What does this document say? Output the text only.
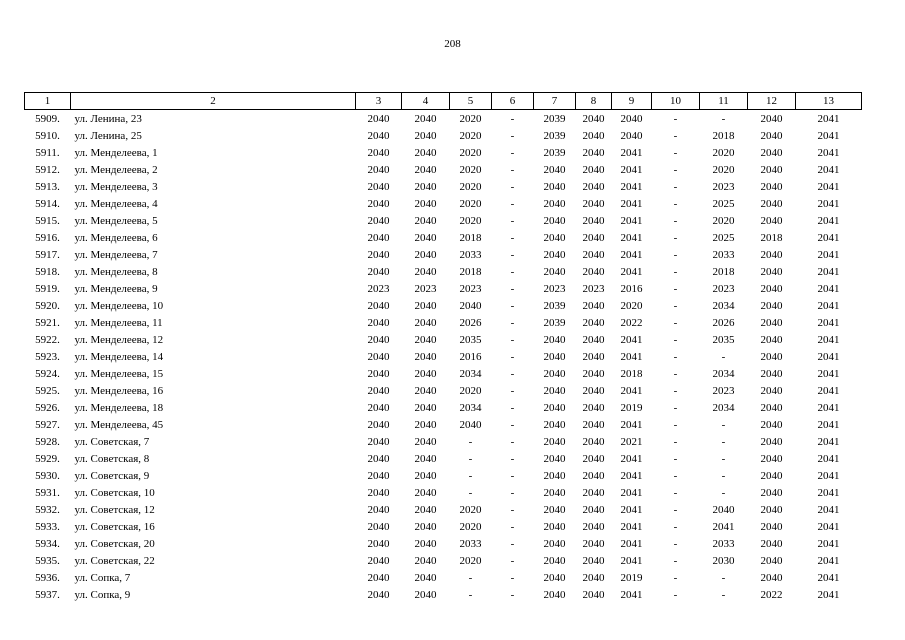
208
1	2	3	4	5	6	7	8	9	10	11	12	13
5909.	ул. Ленина, 23	2040	2040	2020	-	2039	2040	2040	-	-	2040	2041
5910.	ул. Ленина, 25	2040	2040	2020	-	2039	2040	2040	-	2018	2040	2041
5911.	ул. Менделеева, 1	2040	2040	2020	-	2039	2040	2041	-	2020	2040	2041
5912.	ул. Менделеева, 2	2040	2040	2020	-	2040	2040	2041	-	2020	2040	2041
5913.	ул. Менделеева, 3	2040	2040	2020	-	2040	2040	2041	-	2023	2040	2041
5914.	ул. Менделеева, 4	2040	2040	2020	-	2040	2040	2041	-	2025	2040	2041
5915.	ул. Менделеева, 5	2040	2040	2020	-	2040	2040	2041	-	2020	2040	2041
5916.	ул. Менделеева, 6	2040	2040	2018	-	2040	2040	2041	-	2025	2018	2041
5917.	ул. Менделеева, 7	2040	2040	2033	-	2040	2040	2041	-	2033	2040	2041
5918.	ул. Менделеева, 8	2040	2040	2018	-	2040	2040	2041	-	2018	2040	2041
5919.	ул. Менделеева, 9	2023	2023	2023	-	2023	2023	2016	-	2023	2040	2041
5920.	ул. Менделеева, 10	2040	2040	2040	-	2039	2040	2020	-	2034	2040	2041
5921.	ул. Менделеева, 11	2040	2040	2026	-	2039	2040	2022	-	2026	2040	2041
5922.	ул. Менделеева, 12	2040	2040	2035	-	2040	2040	2041	-	2035	2040	2041
5923.	ул. Менделеева, 14	2040	2040	2016	-	2040	2040	2041	-	-	2040	2041
5924.	ул. Менделеева, 15	2040	2040	2034	-	2040	2040	2018	-	2034	2040	2041
5925.	ул. Менделеева, 16	2040	2040	2020	-	2040	2040	2041	-	2023	2040	2041
5926.	ул. Менделеева, 18	2040	2040	2034	-	2040	2040	2019	-	2034	2040	2041
5927.	ул. Менделеева, 45	2040	2040	2040	-	2040	2040	2041	-	-	2040	2041
5928.	ул. Советская, 7	2040	2040	-	-	2040	2040	2021	-	-	2040	2041
5929.	ул. Советская, 8	2040	2040	-	-	2040	2040	2041	-	-	2040	2041
5930.	ул. Советская, 9	2040	2040	-	-	2040	2040	2041	-	-	2040	2041
5931.	ул. Советская, 10	2040	2040	-	-	2040	2040	2041	-	-	2040	2041
5932.	ул. Советская, 12	2040	2040	2020	-	2040	2040	2041	-	2040	2040	2041
5933.	ул. Советская, 16	2040	2040	2020	-	2040	2040	2041	-	2041	2040	2041
5934.	ул. Советская, 20	2040	2040	2033	-	2040	2040	2041	-	2033	2040	2041
5935.	ул. Советская, 22	2040	2040	2020	-	2040	2040	2041	-	2030	2040	2041
5936.	ул. Сопка, 7	2040	2040	-	-	2040	2040	2019	-	-	2040	2041
5937.	ул. Сопка, 9	2040	2040	-	-	2040	2040	2041	-	-	2022	2041
